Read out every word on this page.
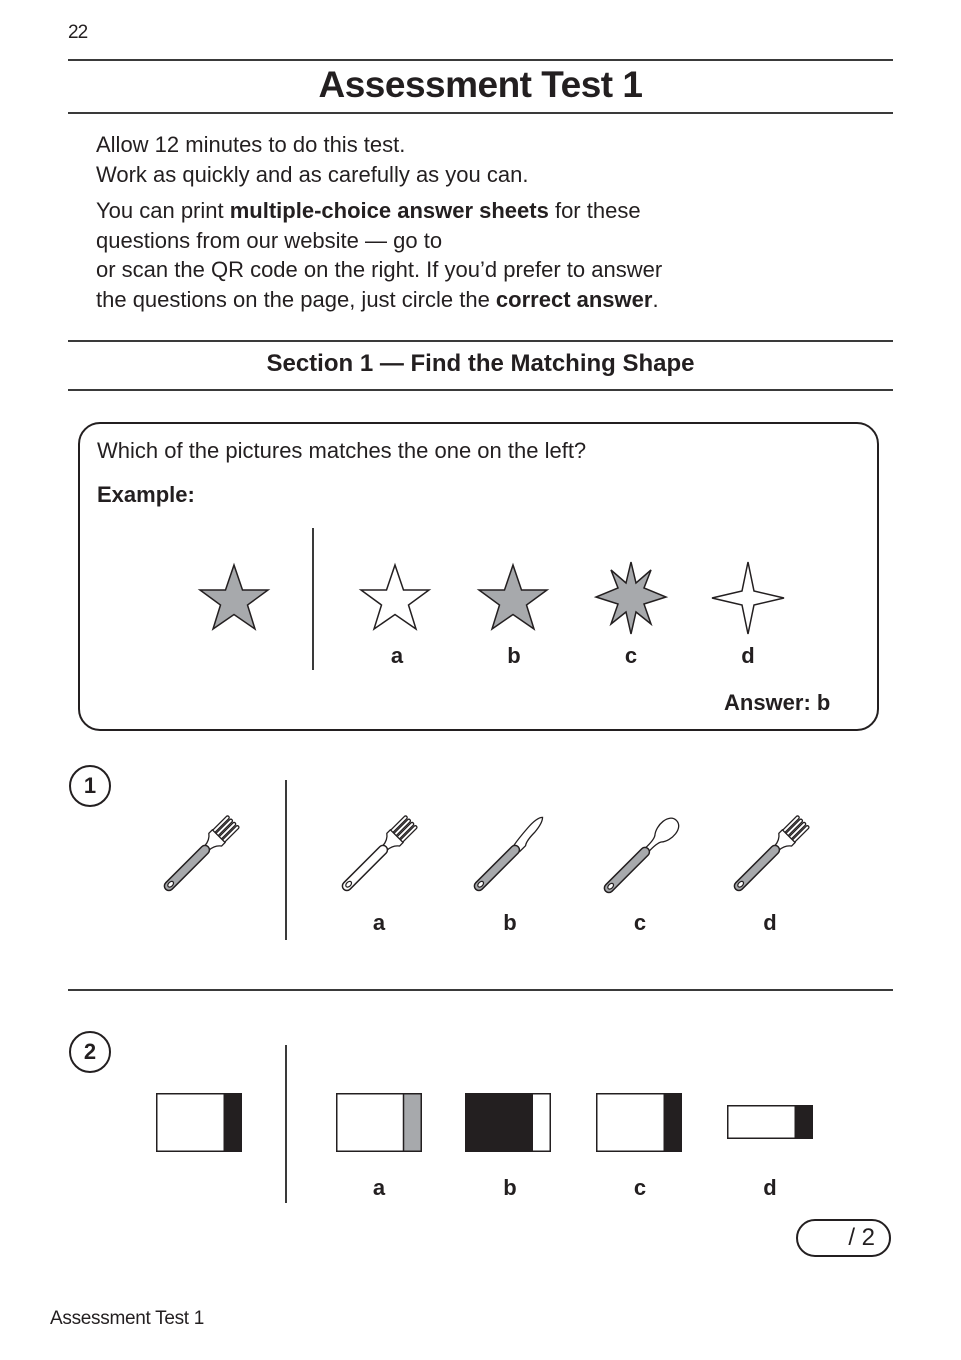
22
Assessment Test 1

Allow 12 minutes to do this test.

Work as quickly and as carefully as you can.

You can print multiple-choice answer sheets for these

questions from our website — go to

or scan the QR code on the right. If you’d prefer to answer

the questions on the page, just circle the correct answer.

Section 1 — Find the Matching Shape
Which of the pictures matches the one on the left?
Example:
a	b	c	d
Answer: b
1
a	b	c	d
2
a	b	c	d
/ 2
Assessment Test 1
